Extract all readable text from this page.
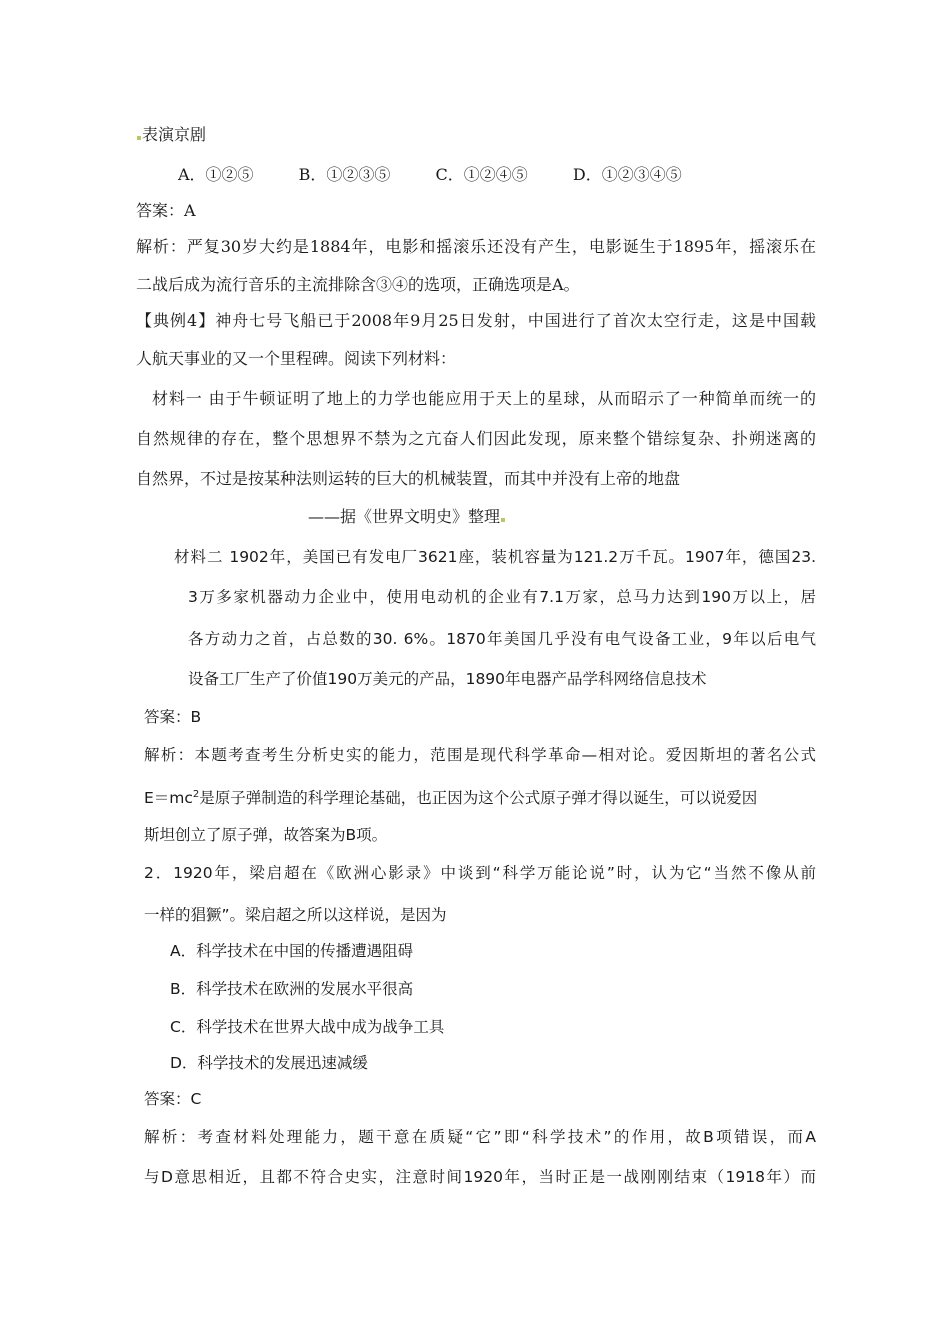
表演京剧
A．①②⑤	B．①②③⑤	C．①②④⑤	D．①②③④⑤
答案：A
解析：严复30岁大约是1884年，电影和摇滚乐还没有产生，电影诞生于1895年，摇滚乐在
二战后成为流行音乐的主流排除含③④的选项，正确选项是A。
【典例4】神舟七号飞船已于2008年9月25日发射，中国进行了首次太空行走，这是中国载
人航天事业的又一个里程碑。阅读下列材料：
材料一 由于牛顿证明了地上的力学也能应用于天上的星球，从而昭示了一种简单而统一的
自然规律的存在，整个思想界不禁为之亢奋人们因此发现，原来整个错综复杂、扑朔迷离的
自然界，不过是按某种法则运转的巨大的机械装置，而其中并没有上帝的地盘
——据《世界文明史》整理
材料二 1902年，美国已有发电厂3621座，装机容量为121.2万千瓦。1907年，德国23.
3万多家机器动力企业中，使用电动机的企业有7.1万家，总马力达到190万以上，居
各方动力之首，占总数的30. 6%。1870年美国几乎没有电气设备工业，9年以后电气
设备工厂生产了价值190万美元的产品，1890年电器产品学科网络信息技术
答案：B
解析：本题考查考生分析史实的能力，范围是现代科学革命—相对论。爱因斯坦的著名公式
$E=mc^2$是原子弹制造的科学理论基础，也正因为这个公式原子弹才得以诞生，可以说爱因
斯坦创立了原子弹，故答案为B项。
2．1920年，梁启超在《欧洲心影录》中谈到“科学万能论说”时，认为它“当然不像从前
一样的猖獗”。梁启超之所以这样说，是因为
A．科学技术在中国的传播遭遇阻碍
B．科学技术在欧洲的发展水平很高
C．科学技术在世界大战中成为战争工具
D．科学技术的发展迅速减缓
答案：C
解析：考查材料处理能力，题干意在质疑“它”即“科学技术”的作用，故B项错误，而A
与D意思相近，且都不符合史实，注意时间1920年，当时正是一战刚刚结束（1918年）而
